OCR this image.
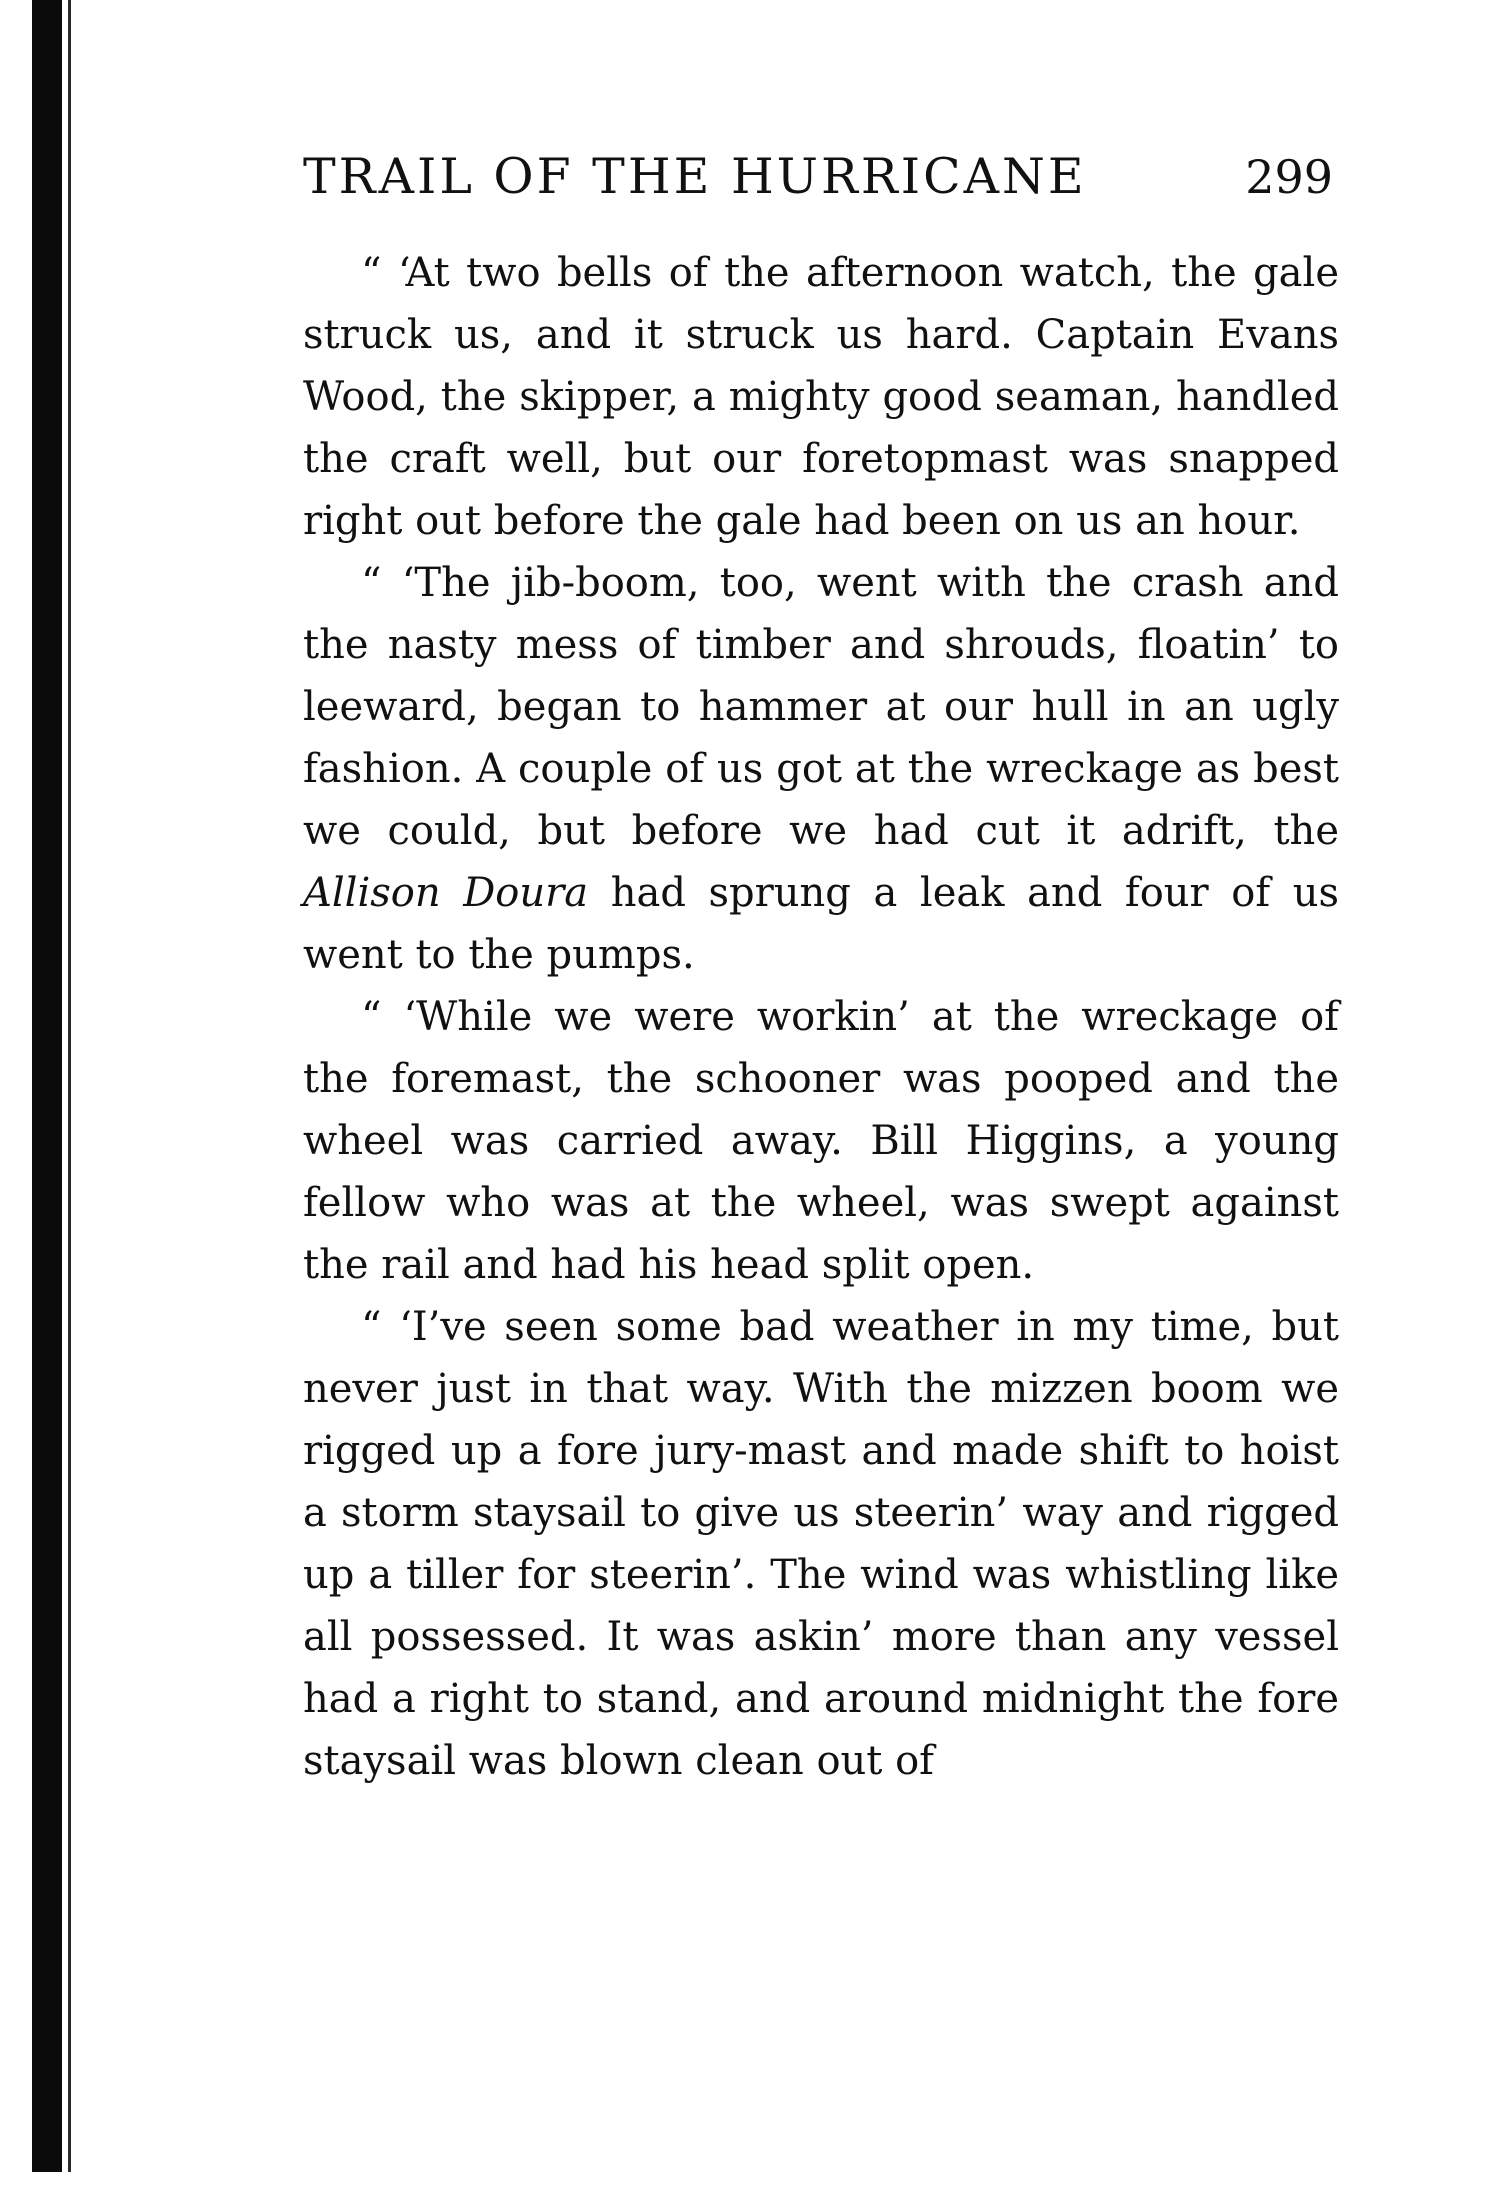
TRAIL OF THE HURRICANE	299

“ ‘At two bells of the afternoon watch, the gale struck us, and it struck us hard. Captain Evans Wood, the skipper, a mighty good seaman, handled the craft well, but our foretopmast was snapped right out before the gale had been on us an hour.

“ ‘The jib-boom, too, went with the crash and the nasty mess of timber and shrouds, floatin’ to leeward, began to hammer at our hull in an ugly fashion. A couple of us got at the wreckage as best we could, but before we had cut it adrift, the Allison Doura had sprung a leak and four of us went to the pumps.

“ ‘While we were workin’ at the wreckage of the foremast, the schooner was pooped and the wheel was carried away. Bill Higgins, a young fellow who was at the wheel, was swept against the rail and had his head split open.

“ ‘I’ve seen some bad weather in my time, but never just in that way. With the mizzen boom we rigged up a fore jury-mast and made shift to hoist a storm staysail to give us steerin’ way and rigged up a tiller for steerin’. The wind was whistling like all possessed. It was askin’ more than any vessel had a right to stand, and around midnight the fore staysail was blown clean out of
